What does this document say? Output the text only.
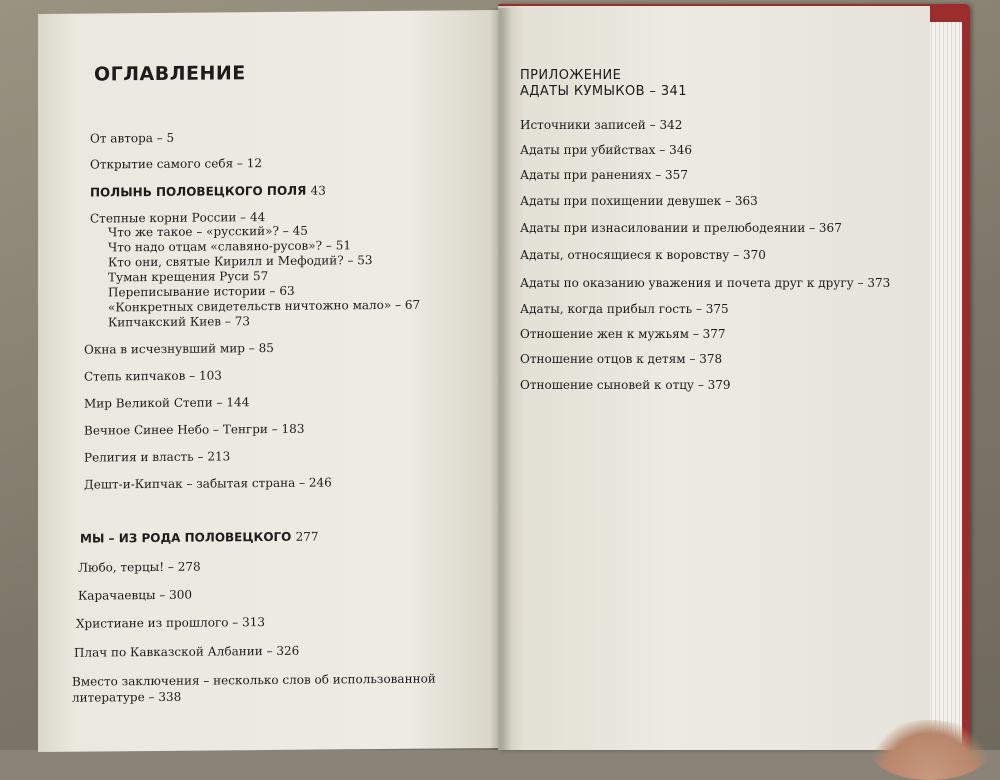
ОГЛАВЛЕНИЕ
От автора – 5
Открытие самого себя – 12
ПОЛЫНЬ ПОЛОВЕЦКОГО ПОЛЯ 43
Степные корни России – 44
Что же такое – «русский»? – 45
Что надо отцам «славяно-русов»? – 51
Кто они, святые Кирилл и Мефодий? – 53
Туман крещения Руси 57
Переписывание истории – 63
«Конкретных свидетельств ничтожно мало» – 67
Кипчакский Киев – 73
Окна в исчезнувший мир – 85
Степь кипчаков – 103
Мир Великой Степи – 144
Вечное Синее Небо – Тенгри – 183
Религия и власть – 213
Дешт-и-Кипчак – забытая страна – 246
МЫ – ИЗ РОДА ПОЛОВЕЦКОГО 277
Любо, терцы! – 278
Карачаевцы – 300
Христиане из прошлого – 313
Плач по Кавказской Албании – 326
Вместо заключения – несколько слов об использованной литературе – 338
ПРИЛОЖЕНИЕ
АДАТЫ КУМЫКОВ – 341
Источники записей – 342
Адаты при убийствах – 346
Адаты при ранениях – 357
Адаты при похищении девушек – 363
Адаты при изнасиловании и прелюбодеянии – 367
Адаты, относящиеся к воровству – 370
Адаты по оказанию уважения и почета друг к другу – 373
Адаты, когда прибыл гость – 375
Отношение жен к мужьям – 377
Отношение отцов к детям – 378
Отношение сыновей к отцу – 379
